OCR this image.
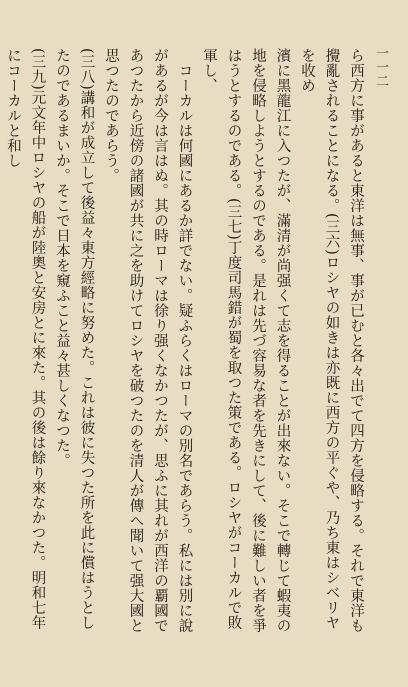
一一二

ら西方に事があると東洋は無事、事が已むと各々出でて四方を侵略する。それで東洋も攪亂されることになる。(三六)ロシヤの如きは亦既に西方の平ぐや、乃ち東はシベリヤを收め

濱に黑龍江に入つたが、滿清が尚强くて志を得ることが出來ない。そこで轉じて蝦夷の地を侵略しようとするのである。是れは先づ容易な者を先きにして、後に難しい者を爭はうとするのである。(三七)丁度司馬錯が蜀を取つた策である。ロシヤがコーカルで敗軍し、

コーカルは何國にあるか詳でない。疑ふらくはローマの別名であらう。私には別に說があるが今は言はぬ。其の時ローマは徐り强くなかつたが、思ふに其れが西洋の覇國であつたから近傍の諸國が共に之を助けてロシヤを破つたのを清人が傳へ聞いて强大國と思つたのであらう。

(三八)講和が成立して後益々東方經略に努めた。これは彼に失つた所を此に償はうとしたのであるまいか。そこで日本を窺ふこと益々甚しくなつた。

(三九)元文年中ロシヤの船が陸奧と安房とに來た。其の後は餘り來なかつた。明和七年にコーカルと和し
